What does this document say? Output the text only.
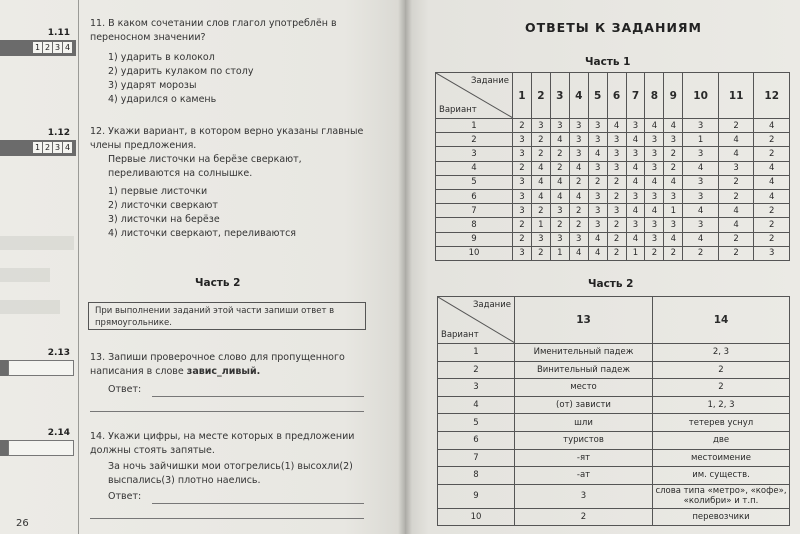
1.11
1 2 3 4
1.12
1 2 3 4
2.13
2.14
26
11. В каком сочетании слов глагол употреблён в переносном значении?
1) ударить в колокол
2) ударить кулаком по столу
3) ударят морозы
4) ударился о камень
12. Укажи вариант, в котором верно указаны главные члены предложения.
Первые листочки на берёзе сверкают, переливаются на солнышке.
1) первые листочки
2) листочки сверкают
3) листочки на берёзе
4) листочки сверкают, переливаются
Часть 2
При выполнении заданий этой части запиши ответ в прямоугольнике.
13. Запиши проверочное слово для пропущенного написания в слове завис_ливый.
Ответ:
14. Укажи цифры, на месте которых в предложении должны стоять запятые.
За ночь зайчишки мои отогрелись(1) высохли(2) выспались(3) плотно наелись.
Ответ:
ОТВЕТЫ К ЗАДАНИЯМ
Часть 1
Задание
Вариант	1	2	3	4	5	6	7	8	9	10	11	12
1	2	3	3	3	3	4	3	4	4	3	2	4
2	3	2	4	3	3	3	4	3	3	1	4	2
3	3	2	2	3	4	3	3	3	2	3	4	2
4	2	4	2	4	3	3	4	3	2	4	3	4
5	3	4	4	2	2	2	4	4	4	3	2	4
6	3	4	4	4	3	2	3	3	3	3	2	4
7	3	2	3	2	3	3	4	4	1	4	4	2
8	2	1	2	2	3	2	3	3	3	3	4	2
9	2	3	3	3	4	2	4	3	4	4	2	2
10	3	2	1	4	4	2	1	2	2	2	2	3
Часть 2
Задание
Вариант	13	14
1	Именительный падеж	2, 3
2	Винительный падеж	2
3	место	2
4	(от) зависти	1, 2, 3
5	шли	тетерев уснул
6	туристов	две
7	-ят	местоимение
8	-ат	им. существ.
9	3	слова типа «метро», «кофе», «колибри» и т.п.
10	2	перевозчики
